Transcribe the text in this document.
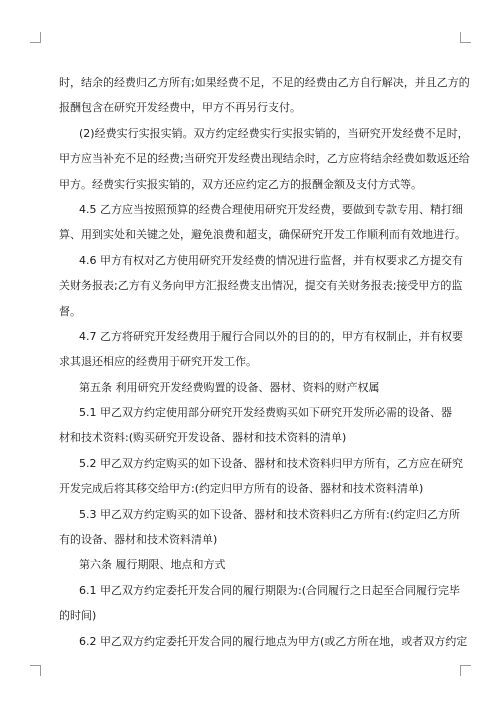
时，结余的经费归乙方所有;如果经费不足，不足的经费由乙方自行解决，并且乙方的
报酬包含在研究开发经费中，甲方不再另行支付。
(2)经费实行实报实销。双方约定经费实行实报实销的，当研究开发经费不足时，
甲方应当补充不足的经费;当研究开发经费出现结余时，乙方应将结余经费如数返还给
甲方。经费实行实报实销的，双方还应约定乙方的报酬金额及支付方式等。
4.5 乙方应当按照预算的经费合理使用研究开发经费，要做到专款专用、精打细
算、用到实处和关键之处，避免浪费和超支，确保研究开发工作顺利而有效地进行。
4.6 甲方有权对乙方使用研究开发经费的情况进行监督，并有权要求乙方提交有
关财务报表;乙方有义务向甲方汇报经费支出情况，提交有关财务报表;接受甲方的监
督。
4.7 乙方将研究开发经费用于履行合同以外的目的的，甲方有权制止，并有权要
求其退还相应的经费用于研究开发工作。
第五条 利用研究开发经费购置的设备、器材、资料的财产权属
5.1 甲乙双方约定使用部分研究开发经费购买如下研究开发所必需的设备、器
材和技术资料:(购买研究开发设备、器材和技术资料的清单)
5.2 甲乙双方约定购买的如下设备、器材和技术资料归甲方所有，乙方应在研究
开发完成后将其移交给甲方:(约定归甲方所有的设备、器材和技术资料清单)
5.3 甲乙双方约定购买的如下设备、器材和技术资料归乙方所有:(约定归乙方所
有的设备、器材和技术资料清单)
第六条 履行期限、地点和方式
6.1 甲乙双方约定委托开发合同的履行期限为:(合同履行之日起至合同履行完毕
的时间)
6.2 甲乙双方约定委托开发合同的履行地点为甲方(或乙方所在地，或者双方约定
